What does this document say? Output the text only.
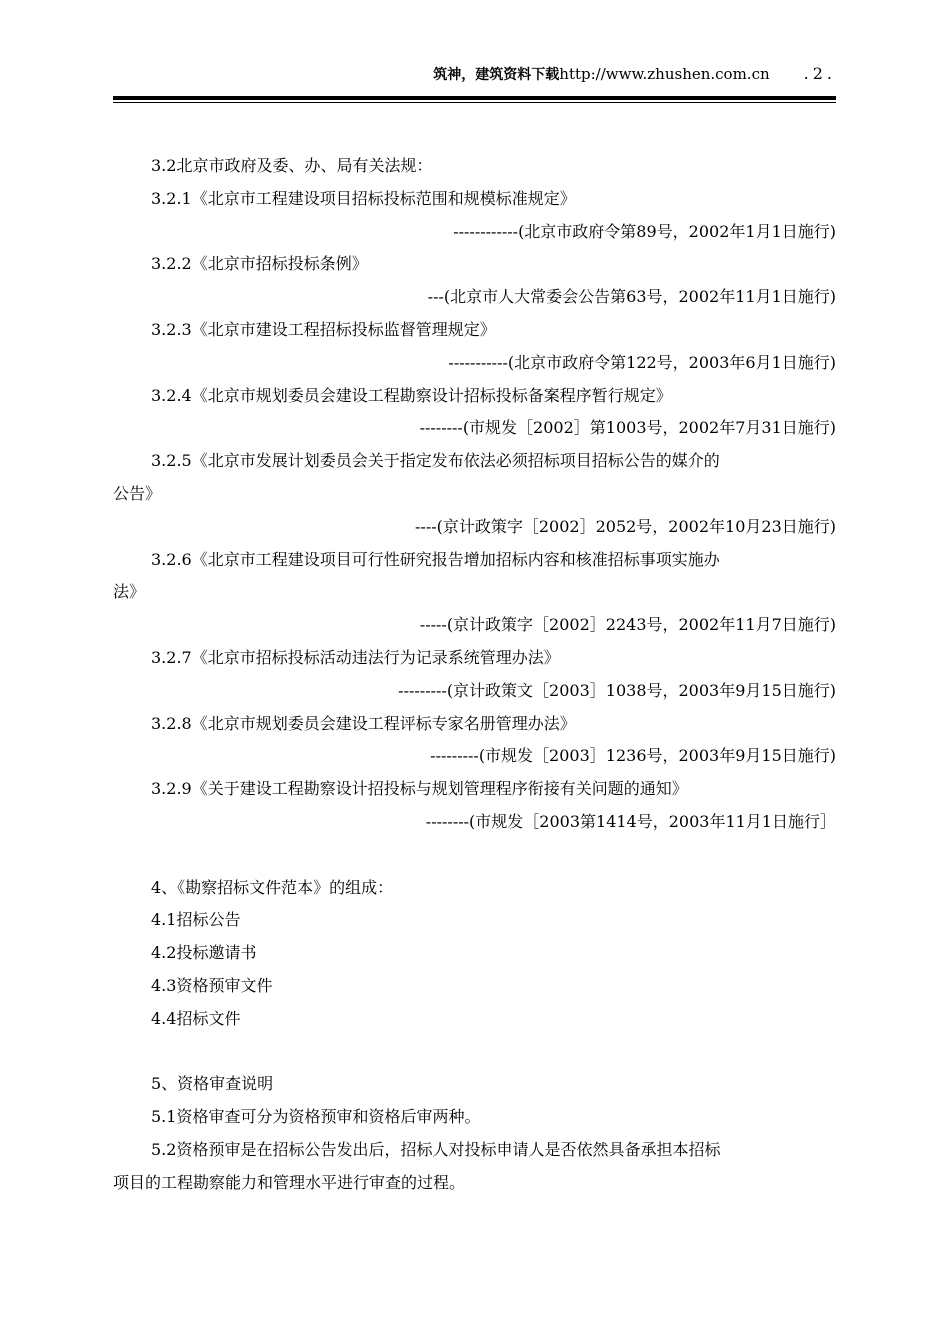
筑神，建筑资料下载http://www.zhushen.com.cn .2.
3.2北京市政府及委、办、局有关法规：
3.2.1《北京市工程建设项目招标投标范围和规模标准规定》
------------(北京市政府令第89号，2002年1月1日施行)
3.2.2《北京市招标投标条例》
---(北京市人大常委会公告第63号，2002年11月1日施行)
3.2.3《北京市建设工程招标投标监督管理规定》
-----------(北京市政府令第122号，2003年6月1日施行)
3.2.4《北京市规划委员会建设工程勘察设计招标投标备案程序暂行规定》
--------(市规发［2002］第1003号，2002年7月31日施行)
3.2.5《北京市发展计划委员会关于指定发布依法必须招标项目招标公告的媒介的
公告》
----(京计政策字［2002］2052号，2002年10月23日施行)
3.2.6《北京市工程建设项目可行性研究报告增加招标内容和核准招标事项实施办
法》
-----(京计政策字［2002］2243号，2002年11月7日施行)
3.2.7《北京市招标投标活动违法行为记录系统管理办法》
---------(京计政策文［2003］1038号，2003年9月15日施行)
3.2.8《北京市规划委员会建设工程评标专家名册管理办法》
---------(市规发［2003］1236号，2003年9月15日施行)
3.2.9《关于建设工程勘察设计招投标与规划管理程序衔接有关问题的通知》
--------(市规发［2003第1414号，2003年11月1日施行］
4、《勘察招标文件范本》的组成：
4.1招标公告
4.2投标邀请书
4.3资格预审文件
4.4招标文件
5、资格审查说明
5.1资格审查可分为资格预审和资格后审两种。
5.2资格预审是在招标公告发出后，招标人对投标申请人是否依然具备承担本招标
项目的工程勘察能力和管理水平进行审查的过程。
